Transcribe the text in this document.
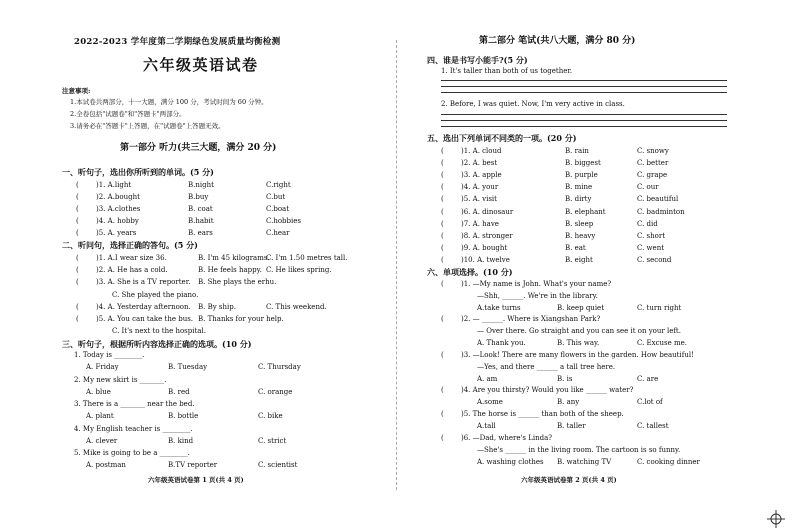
2022-2023 学年度第二学期绿色发展质量均衡检测
六年级英语试卷
注意事项:
1.本试卷共两部分，十一大题，满分 100 分，考试时间为 60 分钟。
2.全卷包括"试题卷"和"答题卡"两部分。
3.请务必在"答题卡"上答题，在"试题卷"上答题无效。
第一部分 听力(共三大题，满分 20 分)
一、听句子，选出你所听到的单词。(5 分)
( )1. A.light	B.night	C.right
( )2. A.bought	B.buy	C.but
( )3. A.clothes	B. coat	C.boat
( )4. A. hobby	B.habit	C.hobbies
( )5. A. years	B. ears	C.hear
二、听问句，选择正确的答句。(5 分)
( )1. A.I wear size 36.	B. I'm 45 kilograms.
C. I'm 1.50 metres tall.
( )2. A. He has a cold.	B. He feels happy. C. He likes spring.
( )3. A. She is a TV reporter. B. She plays the erhu.
C. She played the piano.
( )4. A. Yesterday afternoon. B. By ship.	C. This weekend.
( )5. A. You can take the bus. B. Thanks for your help.
C. It's next to the hospital.
三、听句子，根据所听内容选择正确的选项。(10 分)
1. Today is ________.
A. Friday	B. Tuesday	C. Thursday
2. My new skirt is _______.
A. blue	B. red	C. orange
3. There is a _______ near the bed.
A. plant	B. bottle	C. bike
4. My English teacher is ________.
A. clever	B. kind	C. strict
5. Mike is going to be a ________.
A. postman	B.TV reporter	C. scientist
六年级英语试卷第 1 页(共 4 页)
第二部分 笔试(共八大题，满分 80 分)
四、谁是书写小能手?(5 分)
1. It's taller than both of us together.
2. Before, I was quiet. Now, I'm very active in class.
五、选出下列单词不同类的一项。(20 分)
( )1. A. cloud	B. rain	C. snowy
( )2. A. best	B. biggest	C. better
( )3. A. apple	B. purple	C. grape
( )4. A. your	B. mine	C. our
( )5. A. visit	B. dirty	C. beautiful
( )6. A. dinosaur	B. elephant	C. badminton
( )7. A. have	B. sleep	C. did
( )8. A. stronger	B. heavy	C. short
( )9. A. bought	B. eat	C. went
( )10. A. twelve	B. eight	C. second
六、单项选择。(10 分)
( )1. —My name is John. What's your name?
—Shh, ______. We're in the library.
A.take turns	B. keep quiet	C. turn right
( )2. — ______. Where is Xiangshan Park?
— Over there. Go straight and you can see it on your left.
A. Thank you.	B. This way.	C. Excuse me.
( )3. —Look! There are many flowers in the garden. How beautiful!
—Yes, and there ______ a tall tree here.
A. am	B. is	C. are
( )4. Are you thirsty? Would you like ______ water?
A.some	B. any	C.lot of
( )5. The horse is ______ than both of the sheep.
A.tall	B. taller	C. tallest
( )6. —Dad, where's Linda?
—She's ______ in the living room. The cartoon is so funny.
A. washing clothes B. watching TV	C. cooking dinner
六年级英语试卷第 2 页(共 4 页)
